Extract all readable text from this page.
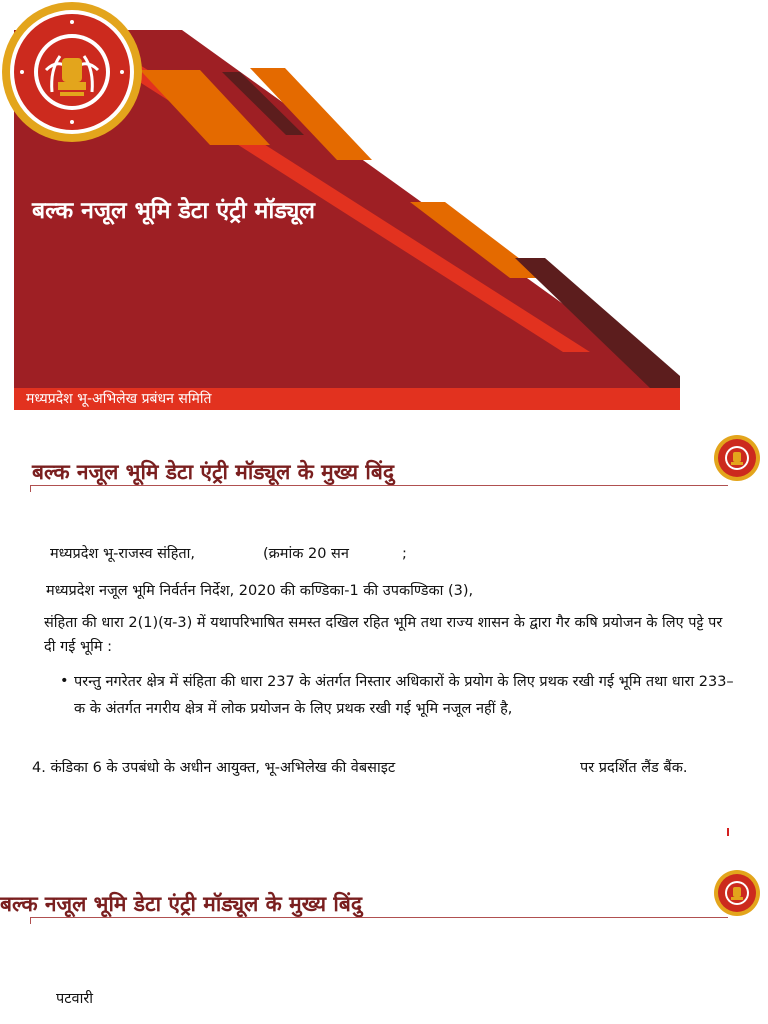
बल्क नजूल भूमि डेटा एंट्री मॉड्यूल
मध्यप्रदेश भू-अभिलेख प्रबंधन समिति
बल्क नजूल भूमि डेटा एंट्री मॉड्यूल के मुख्य बिंदु
मध्यप्रदेश भू-राजस्व संहिता,	(क्रमांक 20 सन	;
मध्यप्रदेश नजूल भूमि निर्वर्तन निर्देश, 2020 की कण्डिका-1 की उपकण्डिका (3),
संहिता की धारा 2(1)(य-3) में यथापरिभाषित समस्त दखिल रहित भूमि तथा राज्य शासन के द्वारा गैर कषि प्रयोजन के लिए पट्टे पर दी गई भूमि :
• परन्तु नगरेतर क्षेत्र में संहिता की धारा 237 के अंतर्गत निस्तार अधिकारों के प्रयोग के लिए प्रथक रखी गई भूमि तथा धारा 233–क के अंतर्गत नगरीय क्षेत्र में लोक प्रयोजन के लिए प्रथक रखी गई भूमि नजूल नहीं है,
4. कंडिका 6 के उपबंधो के अधीन आयुक्त, भू-अभिलेख की वेबसाइट	पर प्रदर्शित लैंड बैंक.
बल्क नजूल भूमि डेटा एंट्री मॉड्यूल के मुख्य बिंदु
पटवारी
